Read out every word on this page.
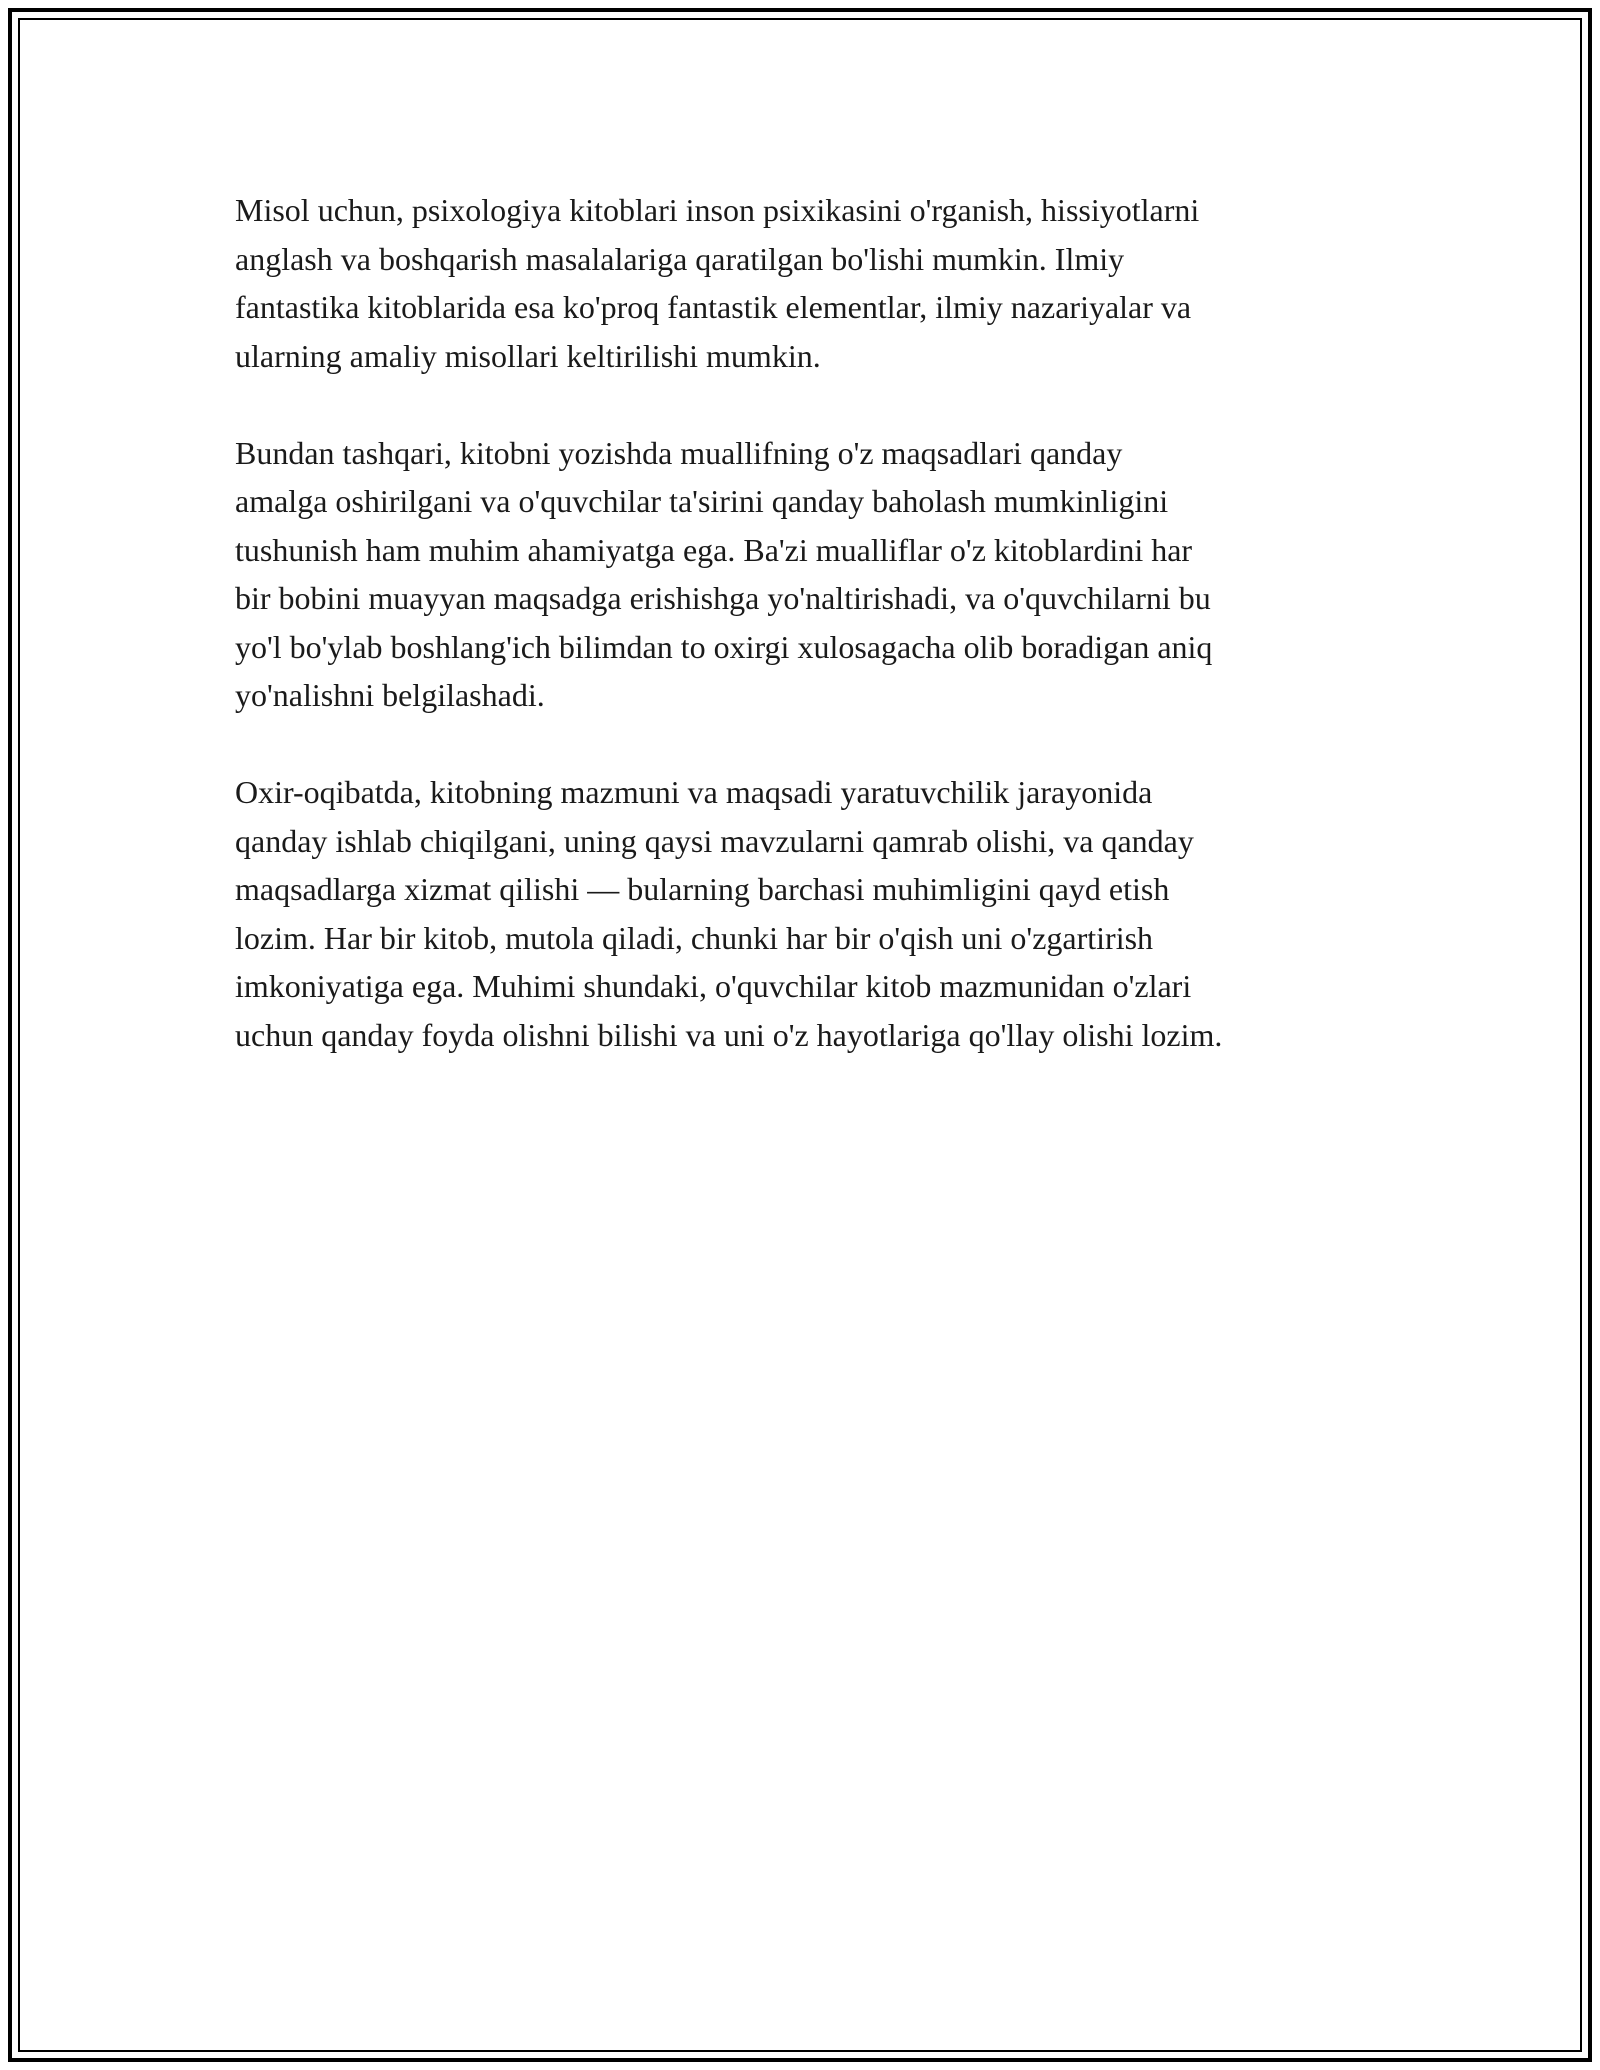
Misol uchun, psixologiya kitoblari inson psixikasini o'rganish, hissiyotlarni
anglash va boshqarish masalalariga qaratilgan bo'lishi mumkin. Ilmiy
fantastika kitoblarida esa ko'proq fantastik elementlar, ilmiy nazariyalar va
ularning amaliy misollari keltirilishi mumkin.

Bundan tashqari, kitobni yozishda muallifning o'z maqsadlari qanday
amalga oshirilgani va o'quvchilar ta'sirini qanday baholash mumkinligini
tushunish ham muhim ahamiyatga ega. Ba'zi mualliflar o'z kitoblardini har
bir bobini muayyan maqsadga erishishga yo'naltirishadi, va o'quvchilarni bu
yo'l bo'ylab boshlang'ich bilimdan to oxirgi xulosagacha olib boradigan aniq
yo'nalishni belgilashadi.

Oxir-oqibatda, kitobning mazmuni va maqsadi yaratuvchilik jarayonida
qanday ishlab chiqilgani, uning qaysi mavzularni qamrab olishi, va qanday
maqsadlarga xizmat qilishi — bularning barchasi muhimligini qayd etish
lozim. Har bir kitob, mutola qiladi, chunki har bir o'qish uni o'zgartirish
imkoniyatiga ega. Muhimi shundaki, o'quvchilar kitob mazmunidan o'zlari
uchun qanday foyda olishni bilishi va uni o'z hayotlariga qo'llay olishi lozim.
